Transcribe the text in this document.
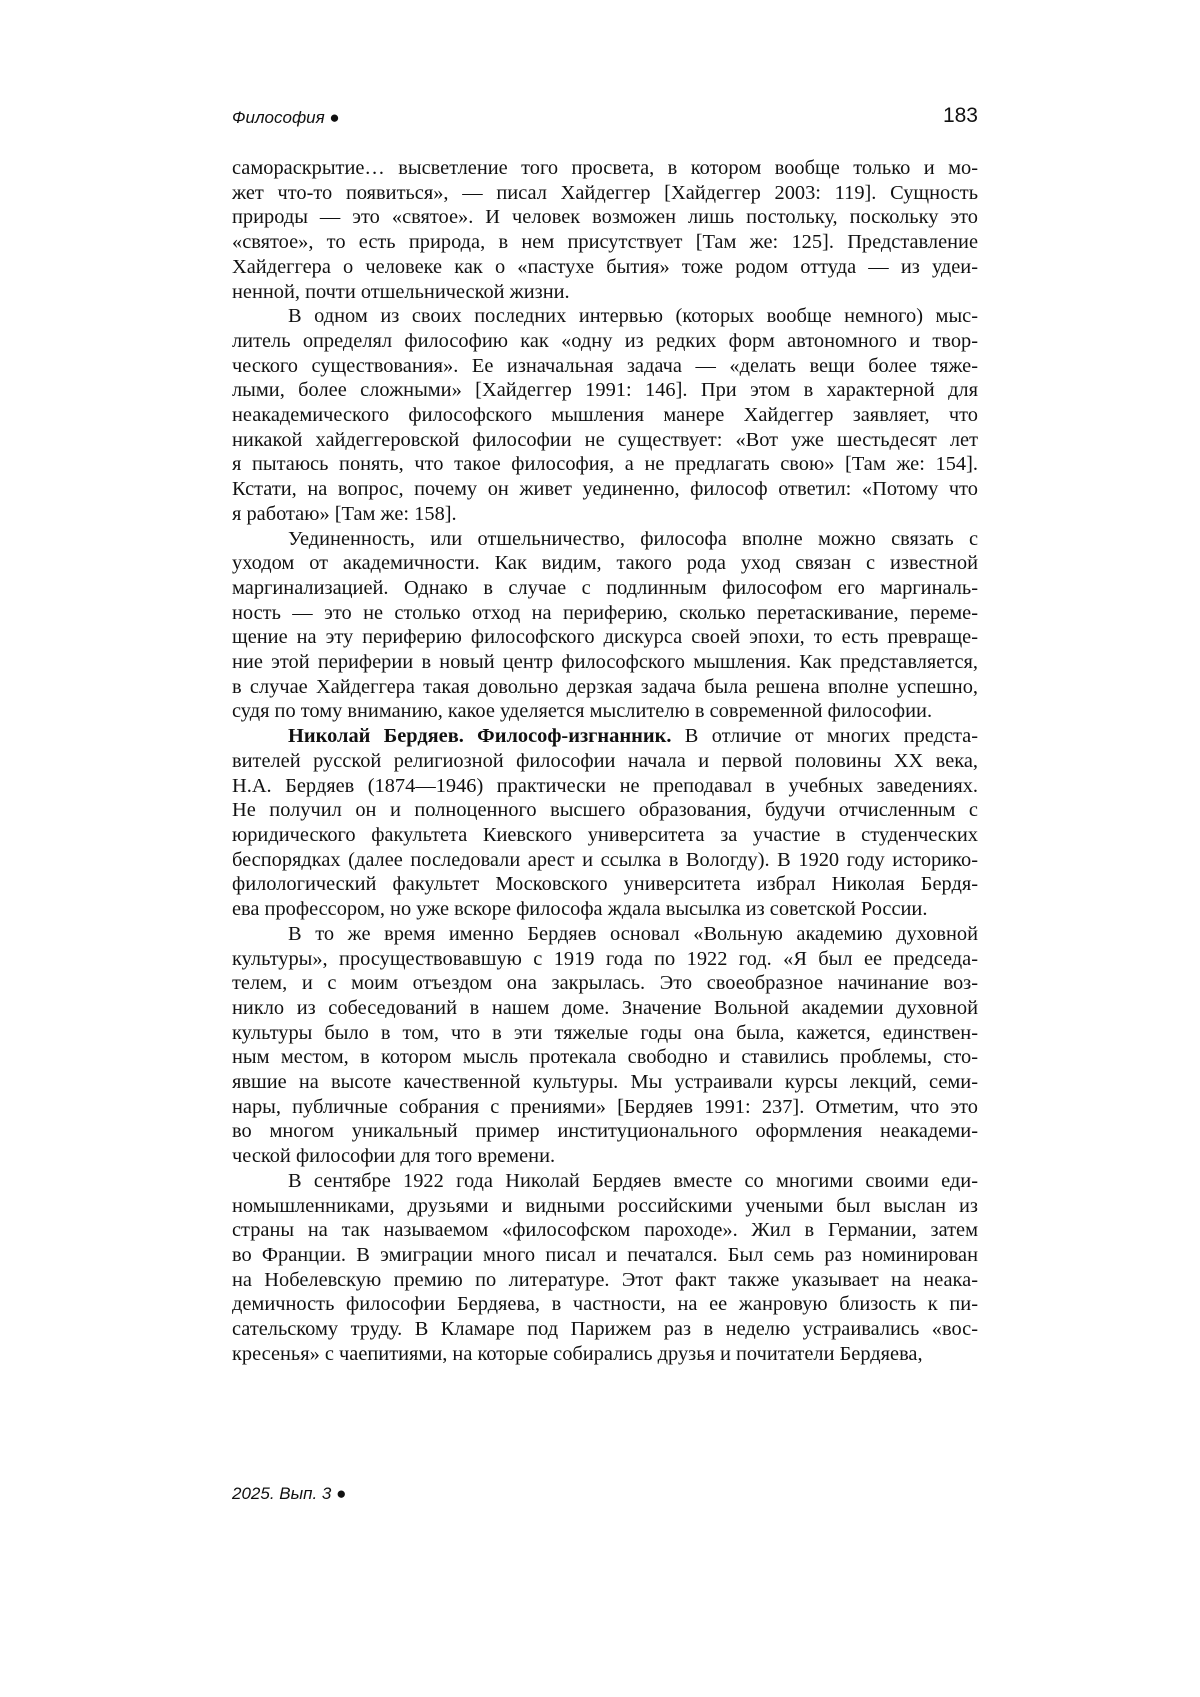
Философия ●	183

самораскрытие… высветление того просвета, в котором вообще только и мо-
жет что-то появиться», — писал Хайдеггер [Хайдеггер 2003: 119]. Сущность
природы — это «святое». И человек возможен лишь постольку, поскольку это
«святое», то есть природа, в нем присутствует [Там же: 125]. Представление
Хайдеггера о человеке как о «пастухе бытия» тоже родом оттуда — из удеи-
ненной, почти отшельнической жизни.

В одном из своих последних интервью (которых вообще немного) мыс-
литель определял философию как «одну из редких форм автономного и твор-
ческого существования». Ее изначальная задача — «делать вещи более тяже-
лыми, более сложными» [Хайдеггер 1991: 146]. При этом в характерной для
неакадемического философского мышления манере Хайдеггер заявляет, что
никакой хайдеггеровской философии не существует: «Вот уже шестьдесят лет
я пытаюсь понять, что такое философия, а не предлагать свою» [Там же: 154].
Кстати, на вопрос, почему он живет уединенно, философ ответил: «Потому что
я работаю» [Там же: 158].

Уединенность, или отшельничество, философа вполне можно связать с
уходом от академичности. Как видим, такого рода уход связан с известной
маргинализацией. Однако в случае с подлинным философом его маргиналь-
ность — это не столько отход на периферию, сколько перетаскивание, переме-
щение на эту периферию философского дискурса своей эпохи, то есть превраще-
ние этой периферии в новый центр философского мышления. Как представляется,
в случае Хайдеггера такая довольно дерзкая задача была решена вполне успешно,
судя по тому вниманию, какое уделяется мыслителю в современной философии.

Николай Бердяев. Философ-изгнанник. В отличие от многих предста-
вителей русской религиозной философии начала и первой половины XX века,
Н.А. Бердяев (1874—1946) практически не преподавал в учебных заведениях.
Не получил он и полноценного высшего образования, будучи отчисленным с
юридического факультета Киевского университета за участие в студенческих
беспорядках (далее последовали арест и ссылка в Вологду). В 1920 году историко-
филологический факультет Московского университета избрал Николая Бердя-
ева профессором, но уже вскоре философа ждала высылка из советской России.

В то же время именно Бердяев основал «Вольную академию духовной
культуры», просуществовавшую с 1919 года по 1922 год. «Я был ее председа-
телем, и с моим отъездом она закрылась. Это своеобразное начинание воз-
никло из собеседований в нашем доме. Значение Вольной академии духовной
культуры было в том, что в эти тяжелые годы она была, кажется, единствен-
ным местом, в котором мысль протекала свободно и ставились проблемы, сто-
явшие на высоте качественной культуры. Мы устраивали курсы лекций, семи-
нары, публичные собрания с прениями» [Бердяев 1991: 237]. Отметим, что это
во многом уникальный пример институционального оформления неакадеми-
ческой философии для того времени.

В сентябре 1922 года Николай Бердяев вместе со многими своими еди-
номышленниками, друзьями и видными российскими учеными был выслан из
страны на так называемом «философском пароходе». Жил в Германии, затем
во Франции. В эмиграции много писал и печатался. Был семь раз номинирован
на Нобелевскую премию по литературе. Этот факт также указывает на неака-
демичность философии Бердяева, в частности, на ее жанровую близость к пи-
сательскому труду. В Кламаре под Парижем раз в неделю устраивались «вос-
кресенья» с чаепитиями, на которые собирались друзья и почитатели Бердяева,

2025. Вып. 3 ●
